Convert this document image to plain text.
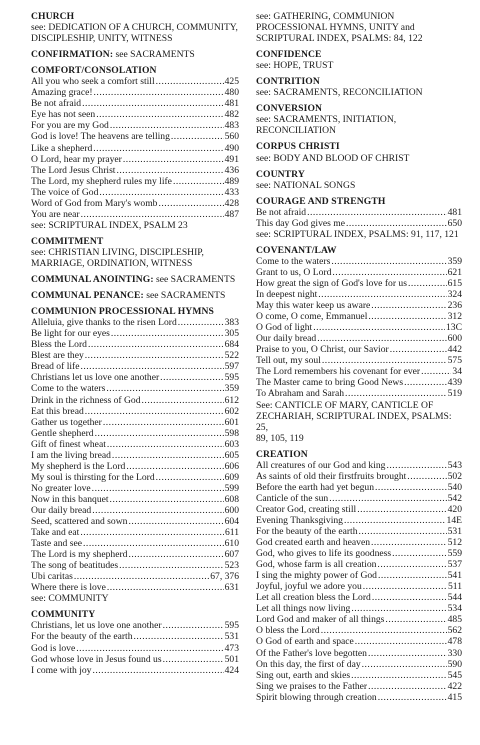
CHURCH
see: DEDICATION OF A CHURCH, COMMUNITY,
DISCIPLESHIP, UNITY, WITNESS
CONFIRMATION: see SACRAMENTS
COMFORT/CONSOLATION
All you who seek a comfort still .....	425
Amazing grace! .....	480
Be not afraid .....	481
Eye has not seen .....	482
For you are my God .....	483
God is love! The heavens are telling .....	560
Like a shepherd .....	490
O Lord, hear my prayer .....	491
The Lord Jesus Christ .....	436
The Lord, my shepherd rules my life .....	489
The voice of God .....	433
Word of God from Mary's womb .....	428
You are near .....	487
see: SCRIPTURAL INDEX, PSALM 23
COMMITMENT
see: CHRISTIAN LIVING, DISCIPLESHIP,
MARRIAGE, ORDINATION, WITNESS
COMMUNAL ANOINTING: see SACRAMENTS
COMMUNAL PENANCE: see SACRAMENTS
COMMUNION PROCESSIONAL HYMNS
Alleluia, give thanks to the risen Lord .....	383
Be light for our eyes .....	305
Bless the Lord .....	684
Blest are they .....	522
Bread of life .....	597
Christians let us love one another .....	595
Come to the waters .....	359
Drink in the richness of God .....	612
Eat this bread .....	602
Gather us together .....	601
Gentle shepherd .....	598
Gift of finest wheat .....	603
I am the living bread .....	605
My shepherd is the Lord .....	606
My soul is thirsting for the Lord .....	609
No greater love .....	599
Now in this banquet .....	608
Our daily bread .....	600
Seed, scattered and sown .....	604
Take and eat .....	611
Taste and see .....	610
The Lord is my shepherd .....	607
The song of beatitudes .....	523
Ubi caritas .....	67, 376
Where there is love .....	631
see: COMMUNITY
COMMUNITY
Christians, let us love one another .....	595
For the beauty of the earth .....	531
God is love .....	473
God whose love in Jesus found us .....	501
I come with joy .....	424
see: GATHERING, COMMUNION
PROCESSIONAL HYMNS, UNITY and
SCRIPTURAL INDEX, PSALMS: 84, 122
CONFIDENCE
see: HOPE, TRUST
CONTRITION
see: SACRAMENTS, RECONCILIATION
CONVERSION
see: SACRAMENTS, INITIATION,
RECONCILIATION
CORPUS CHRISTI
see: BODY AND BLOOD OF CHRIST
COUNTRY
see: NATIONAL SONGS
COURAGE AND STRENGTH
Be not afraid .....	481
This day God gives me .....	650
see: SCRIPTURAL INDEX, PSALMS: 91, 117, 121
COVENANT/LAW
Come to the waters .....	359
Grant to us, O Lord .....	621
How great the sign of God's love for us .....	615
In deepest night .....	324
May this water keep us aware .....	236
O come, O come, Emmanuel .....	312
O God of light .....	13C
Our daily bread .....	600
Praise to you, O Christ, our Savior .....	442
Tell out, my soul .....	575
The Lord remembers his covenant for ever .....	34
The Master came to bring Good News .....	439
To Abraham and Sarah .....	519
See: CANTICLE OF MARY, CANTICLE OF
ZECHARIAH, SCRIPTURAL INDEX, PSALMS: 25,
89, 105, 119
CREATION
All creatures of our God and king .....	543
As saints of old their firstfruits brought .....	502
Before the earth had yet begun .....	540
Canticle of the sun .....	542
Creator God, creating still .....	420
Evening Thanksgiving .....	14E
For the beauty of the earth .....	531
God created earth and heaven .....	512
God, who gives to life its goodness .....	559
God, whose farm is all creation .....	537
I sing the mighty power of God .....	541
Joyful, joyful we adore you .....	511
Let all creation bless the Lord .....	544
Let all things now living .....	534
Lord God and maker of all things .....	485
O bless the Lord .....	562
O God of earth and space .....	478
Of the Father's love begotten .....	330
On this day, the first of day .....	590
Sing out, earth and skies .....	545
Sing we praises to the Father .....	422
Spirit blowing through creation .....	415
